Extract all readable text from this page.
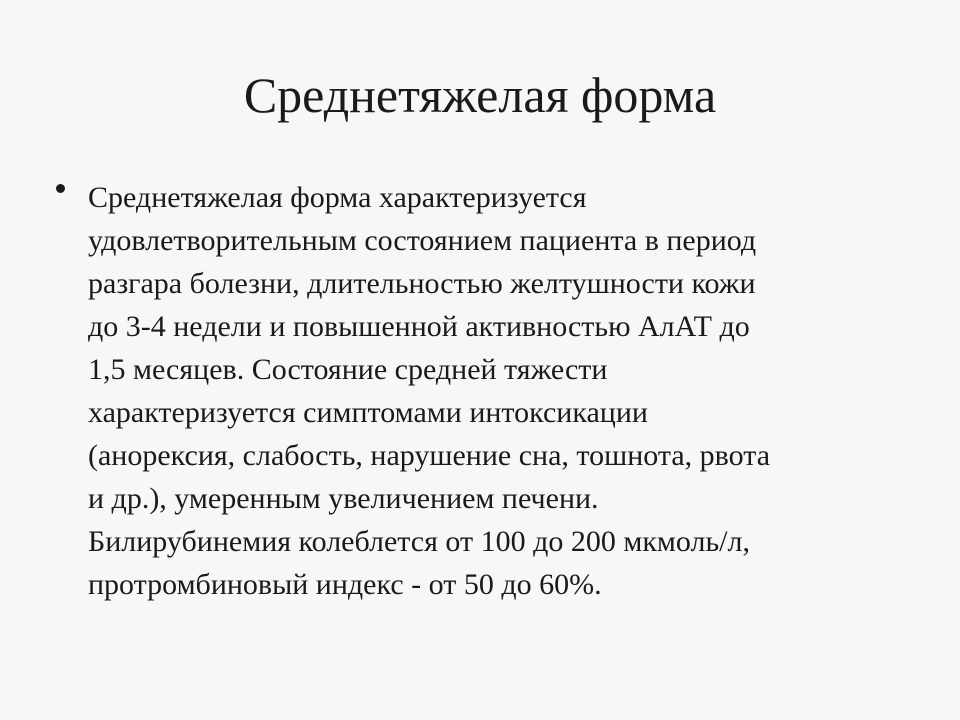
Среднетяжелая форма

Среднетяжелая форма характеризуется
удовлетворительным состоянием пациента в период
разгара болезни, длительностью желтушности кожи
до 3-4 недели и повышенной активностью АлАТ до
1,5 месяцев. Состояние средней тяжести
характеризуется симптомами интоксикации
(анорексия, слабость, нарушение сна, тошнота, рвота
и др.), умеренным увеличением печени.
Билирубинемия колеблется от 100 до 200 мкмоль/л,
протромбиновый индекс - от 50 до 60%.
